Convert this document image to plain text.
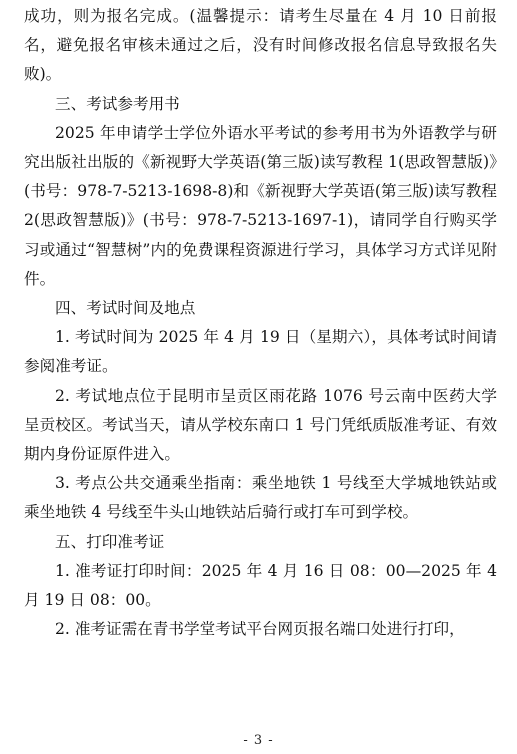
成功，则为报名完成。(温馨提示：请考生尽量在 4 月 10 日前报名，避免报名审核未通过之后，没有时间修改报名信息导致报名失败)。

三、考试参考用书

2025 年申请学士学位外语水平考试的参考用书为外语教学与研究出版社出版的《新视野大学英语(第三版)读写教程 1(思政智慧版)》(书号：978-7-5213-1698-8)和《新视野大学英语(第三版)读写教程 2(思政智慧版)》(书号：978-7-5213-1697-1)，请同学自行购买学习或通过“智慧树”内的免费课程资源进行学习，具体学习方式详见附件。

四、考试时间及地点

1. 考试时间为 2025 年 4 月 19 日（星期六），具体考试时间请参阅准考证。

2. 考试地点位于昆明市呈贡区雨花路 1076 号云南中医药大学呈贡校区。考试当天，请从学校东南口 1 号门凭纸质版准考证、有效期内身份证原件进入。

3. 考点公共交通乘坐指南：乘坐地铁 1 号线至大学城地铁站或乘坐地铁 4 号线至牛头山地铁站后骑行或打车可到学校。

五、打印准考证

1. 准考证打印时间：2025 年 4 月 16 日 08：00—2025 年 4 月 19 日 08：00。

2. 准考证需在青书学堂考试平台网页报名端口处进行打印，

- 3 -
